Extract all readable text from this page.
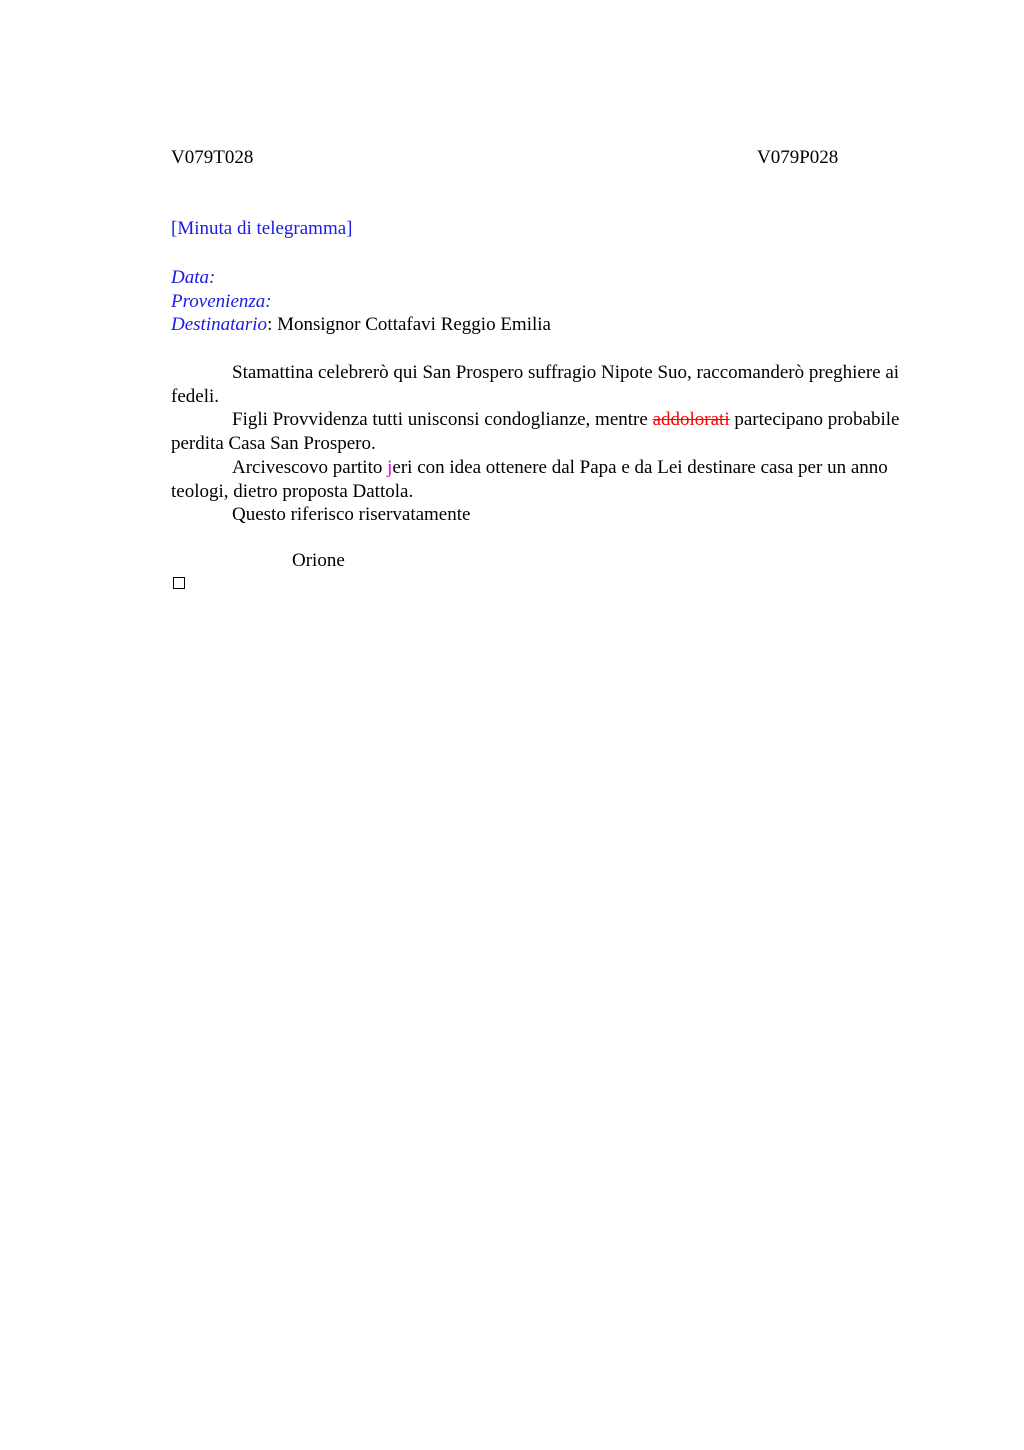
V079T028	V079P028
[Minuta di telegramma]
Data:
Provenienza:
Destinatario: Monsignor Cottafavi Reggio Emilia

Stamattina celebrerò qui San Prospero suffragio Nipote Suo, raccomanderò preghiere ai fedeli.

Figli Provvidenza tutti unisconsi condoglianze, mentre addolorati partecipano probabile perdita Casa San Prospero.

Arcivescovo partito jeri con idea ottenere dal Papa e da Lei destinare casa per un anno teologi, dietro proposta Dattola.

Questo riferisco riservatamente

Orione
